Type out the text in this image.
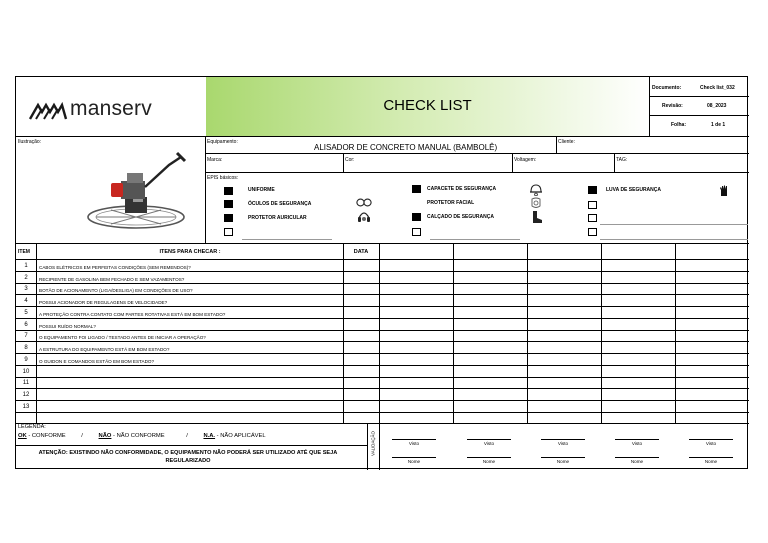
manserv	CHECK LIST
Documento:	Check list_032
Revisão:	08_2023
Folha:	1 de 1
Ilustração:	Equipamento:
ALISADOR DE CONCRETO MANUAL (BAMBOLÊ)
Cliente:
Marca:	Cor:	Voltagem:	TAG:
EPIS básicos:
UNIFORME
ÓCULOS DE SEGURANÇA
PROTETOR AURICULAR
CAPACETE DE SEGURANÇA
PROTETOR FACIAL
CALÇADO DE SEGURANÇA
LUVA DE SEGURANÇA
ITEM	ITENS PARA CHECAR :	DATA
1	CABOS ELÉTRICOS EM PERFEITAS CONDIÇÕES (SEM REMENDOS)?
2	RECIPIENTE DE GASOLINA BEM FECHADO E SEM VAZAMENTOS?
3	BOTÃO DE ACIONAMENTO (LIGA/DESLIGA) EM CONDIÇÕES DE USO?
4	POSSUI ACIONADOR DE REGULAGENS DE VELOCIDADE?
5	A PROTEÇÃO CONTRA CONTATO COM PARTES ROTATIVAS ESTÁ EM BOM ESTADO?
6	POSSUI RUÍDO NORMAL?
7	O EQUIPAMENTO FOI LIGADO / TESTADO ANTES DE INICIAR A OPERAÇÃO?
8	A ESTRUTURA DO EQUIPAMENTO ESTÁ EM BOM ESTADO?
9	O GUIDON E COMANDOS ESTÃO EM BOM ESTADO?
10
11
12
13
LEGENDA:
OK - CONFORME	/	NÃO - NÃO CONFORME	/	N.A. - NÃO APLICÁVEL
ATENÇÃO: EXISTINDO NÃO CONFORMIDADE, O EQUIPAMENTO NÃO PODERÁ SER UTILIZADO ATÉ QUE SEJA REGULARIZADO
VALIDAÇÃO	Visto
Nome
Visto
Nome
Visto
Nome
Visto
Nome
Visto
Nome
